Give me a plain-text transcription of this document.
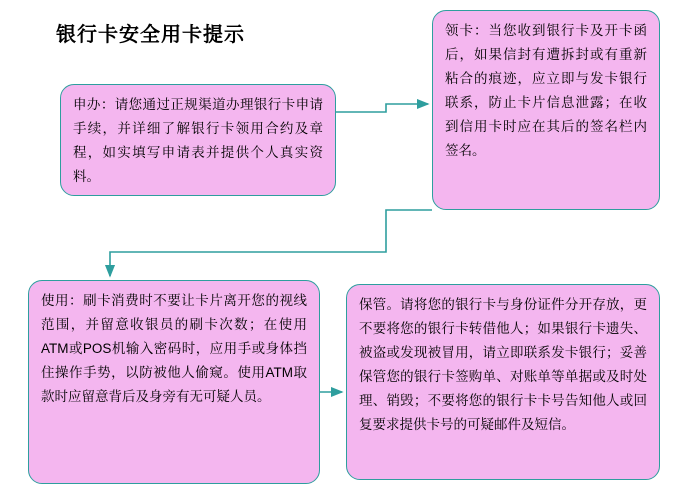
银行卡安全用卡提示
申办：请您通过正规渠道办理银行卡申请手续，并详细了解银行卡领用合约及章程，如实填写申请表并提供个人真实资料。
领卡：当您收到银行卡及开卡函后，如果信封有遭拆封或有重新粘合的痕迹，应立即与发卡银行联系，防止卡片信息泄露；在收到信用卡时应在其后的签名栏内签名。
使用：刷卡消费时不要让卡片离开您的视线范围，并留意收银员的刷卡次数；在使用ATM或POS机输入密码时，应用手或身体挡住操作手势，以防被他人偷窥。使用ATM取款时应留意背后及身旁有无可疑人员。
保管。请将您的银行卡与身份证件分开存放，更不要将您的银行卡转借他人；如果银行卡遗失、被盗或发现被冒用，请立即联系发卡银行；妥善保管您的银行卡签购单、对账单等单据或及时处理、销毁；不要将您的银行卡卡号告知他人或回复要求提供卡号的可疑邮件及短信。
